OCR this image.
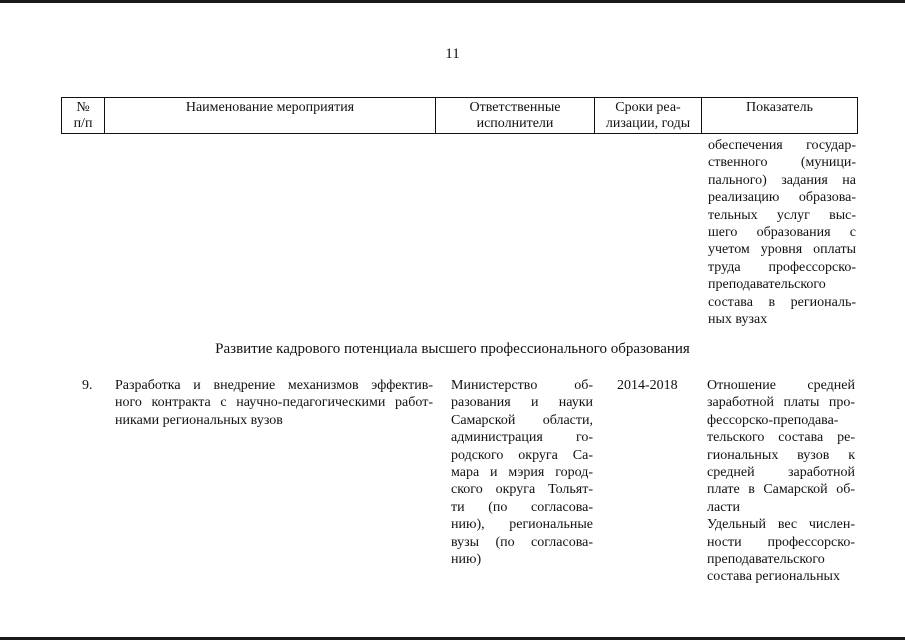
11
№
п/п
Наименование мероприятия	Ответственные
исполнители
Сроки реа-
лизации, годы
Показатель
обеспечения государ-
ственного (муници-
пального) задания на
реализацию образова-
тельных услуг выс-
шего образования с
учетом уровня оплаты
труда профессорско-
преподавательского
состава в региональ-
ных вузах
Развитие кадрового потенциала высшего профессионального образования
9. Разработка и внедрение механизмов эффектив-
ного контракта с научно-педагогическими работ-
никами региональных вузов
Министерство об-
разования и науки
Самарской области,
администрация го-
родского округа Са-
мара и мэрия город-
ского округа Тольят-
ти (по согласова-
нию), региональные
вузы (по согласова-
нию)
2014-2018 Отношение средней
заработной платы про-
фессорско-преподава-
тельского состава ре-
гиональных вузов к
средней заработной
плате в Самарской об-
ласти
Удельный вес числен-
ности профессорско-
преподавательского
состава региональных
